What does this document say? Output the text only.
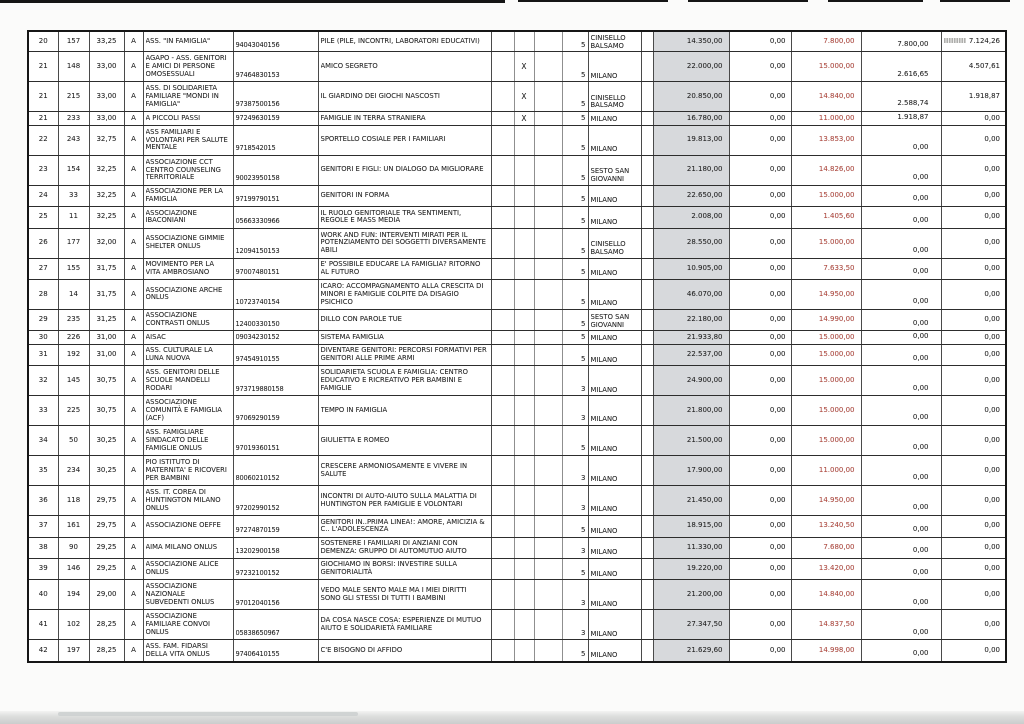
20	157	33,25	A	ASS. "IN FAMIGLIA"	94043040156	PILE (PILE, INCONTRI, LABORATORI EDUCATIVI)				5	CINISELLO BALSAMO		14.350,00	0,00	7.800,00	7.800,00	7.124,26

21	148	33,00	A	AGAPO - ASS. GENITORI E AMICI DI PERSONE OMOSESSUALI	97464830153	AMICO SEGRETO		X		5	MILANO		22.000,00	0,00	15.000,00	2.616,65	4.507,61

21	215	33,00	A	ASS. DI SOLIDARIETÀ FAMILIARE "MONDI IN FAMIGLIA"	97387500156	IL GIARDINO DEI GIOCHI NASCOSTI		X		5	CINISELLO BALSAMO		20.850,00	0,00	14.840,00	2.588,74	1.918,87

21	233	33,00	A	A PICCOLI PASSI	97249630159	FAMIGLIE IN TERRA STRANIERA		X		5	MILANO		16.780,00	0,00	11.000,00	1.918,87	0,00

22	243	32,75	A	ASS FAMILIARI E VOLONTARI PER SALUTE MENTALE	9718542015	SPORTELLO COSIALE PER I FAMILIARI				5	MILANO		19.813,00	0,00	13.853,00	0,00	0,00

23	154	32,25	A	ASSOCIAZIONE CCT CENTRO COUNSELING TERRITORIALE	90023950158	GENITORI E FIGLI: UN DIALOGO DA MIGLIORARE				5	SESTO SAN GIOVANNI		21.180,00	0,00	14.826,00	0,00	0,00

24	33	32,25	A	ASSOCIAZIONE PER LA FAMIGLIA	97199790151	GENITORI IN FORMA				5	MILANO		22.650,00	0,00	15.000,00	0,00	0,00

25	11	32,25	A	ASSOCIAZIONE IBACONIANI	05663330966	IL RUOLO GENITORIALE TRA SENTIMENTI, REGOLE E MASS MEDIA				5	MILANO		2.008,00	0,00	1.405,60	0,00	0,00

26	177	32,00	A	ASSOCIAZIONE GIMMIE SHELTER ONLUS	12094150153	WORK AND FUN: INTERVENTI MIRATI PER IL POTENZIAMENTO DEI SOGGETTI DIVERSAMENTE ABILI				5	CINISELLO BALSAMO		28.550,00	0,00	15.000,00	0,00	0,00

27	155	31,75	A	MOVIMENTO PER LA VITA AMBROSIANO	97007480151	E' POSSIBILE EDUCARE LA FAMIGLIA? RITORNO AL FUTURO				5	MILANO		10.905,00	0,00	7.633,50	0,00	0,00

28	14	31,75	A	ASSOCIAZIONE ARCHÉ ONLUS	10723740154	ICARO: ACCOMPAGNAMENTO ALLA CRESCITA DI MINORI E FAMIGLIE COLPITE DA DISAGIO PSICHICO				5	MILANO		46.070,00	0,00	14.950,00	0,00	0,00

29	235	31,25	A	ASSOCIAZIONE CONTRASTI ONLUS	12400330150	DILLO CON PAROLE TUE				5	SESTO SAN GIOVANNI		22.180,00	0,00	14.990,00	0,00	0,00

30	226	31,00	A	AISAC	09034230152	SISTEMA FAMIGLIA				5	MILANO		21.933,80	0,00	15.000,00	0,00	0,00

31	192	31,00	A	ASS. CULTURALE LA LUNA NUOVA	97454910155	DIVENTARE GENITORI: PERCORSI FORMATIVI PER GENITORI ALLE PRIME ARMI				5	MILANO		22.537,00	0,00	15.000,00	0,00	0,00

32	145	30,75	A	ASS. GENITORI DELLE SCUOLE MANDELLI RODARI	973719880158	SOLIDARIETÀ SCUOLA E FAMIGLIA: CENTRO EDUCATIVO E RICREATIVO PER BAMBINI E FAMIGLIE				3	MILANO		24.900,00	0,00	15.000,00	0,00	0,00

33	225	30,75	A	ASSOCIAZIONE COMUNITÀ E FAMIGLIA (ACF)	97069290159	TEMPO IN FAMIGLIA				3	MILANO		21.800,00	0,00	15.000,00	0,00	0,00

34	50	30,25	A	ASS. FAMIGLIARE SINDACATO DELLE FAMIGLIE ONLUS	97019360151	GIULIETTA E ROMEO				5	MILANO		21.500,00	0,00	15.000,00	0,00	0,00

35	234	30,25	A	PIO ISTITUTO DI MATERNITA' E RICOVERI PER BAMBINI	80060210152	CRESCERE ARMONIOSAMENTE E VIVERE IN SALUTE				3	MILANO		17.900,00	0,00	11.000,00	0,00	0,00

36	118	29,75	A	ASS. IT. COREA DI HUNTINGTON MILANO ONLUS	97202990152	INCONTRI DI AUTO-AIUTO SULLA MALATTIA DI HUNTINGTON PER FAMIGLIE E VOLONTARI				3	MILANO		21.450,00	0,00	14.950,00	0,00	0,00

37	161	29,75	A	ASSOCIAZIONE OEFFE	97274870159	GENITORI IN..PRIMA LINEA!: AMORE, AMICIZIA & C.. L'ADOLESCENZA				5	MILANO		18.915,00	0,00	13.240,50	0,00	0,00

38	90	29,25	A	AIMA MILANO ONLUS	13202900158	SOSTENERE I FAMILIARI DI ANZIANI CON DEMENZA: GRUPPO DI AUTOMUTUO AIUTO				3	MILANO		11.330,00	0,00	7.680,00	0,00	0,00

39	146	29,25	A	ASSOCIAZIONE ALICE ONLUS	97232100152	GIOCHIAMO IN BORSI: INVESTIRE SULLA GENITORIALITÀ				5	MILANO		19.220,00	0,00	13.420,00	0,00	0,00

40	194	29,00	A	ASSOCIAZIONE NAZIONALE SUBVEDENTI ONLUS	97012040156	VEDO MALE SENTO MALE MA I MIEI DIRITTI SONO GLI STESSI DI TUTTI I BAMBINI				3	MILANO		21.200,00	0,00	14.840,00	0,00	0,00

41	102	28,25	A	ASSOCIAZIONE FAMILIARE CONVOI ONLUS	05838650967	DA COSA NASCE COSA: ESPERIENZE DI MUTUO AIUTO E SOLIDARIETÀ FAMILIARE				3	MILANO		27.347,50	0,00	14.837,50	0,00	0,00

42	197	28,25	A	ASS. FAM. FIDARSI DELLA VITA ONLUS	97406410155	C'È BISOGNO DI AFFIDO				5	MILANO		21.629,60	0,00	14.998,00	0,00	0,00
